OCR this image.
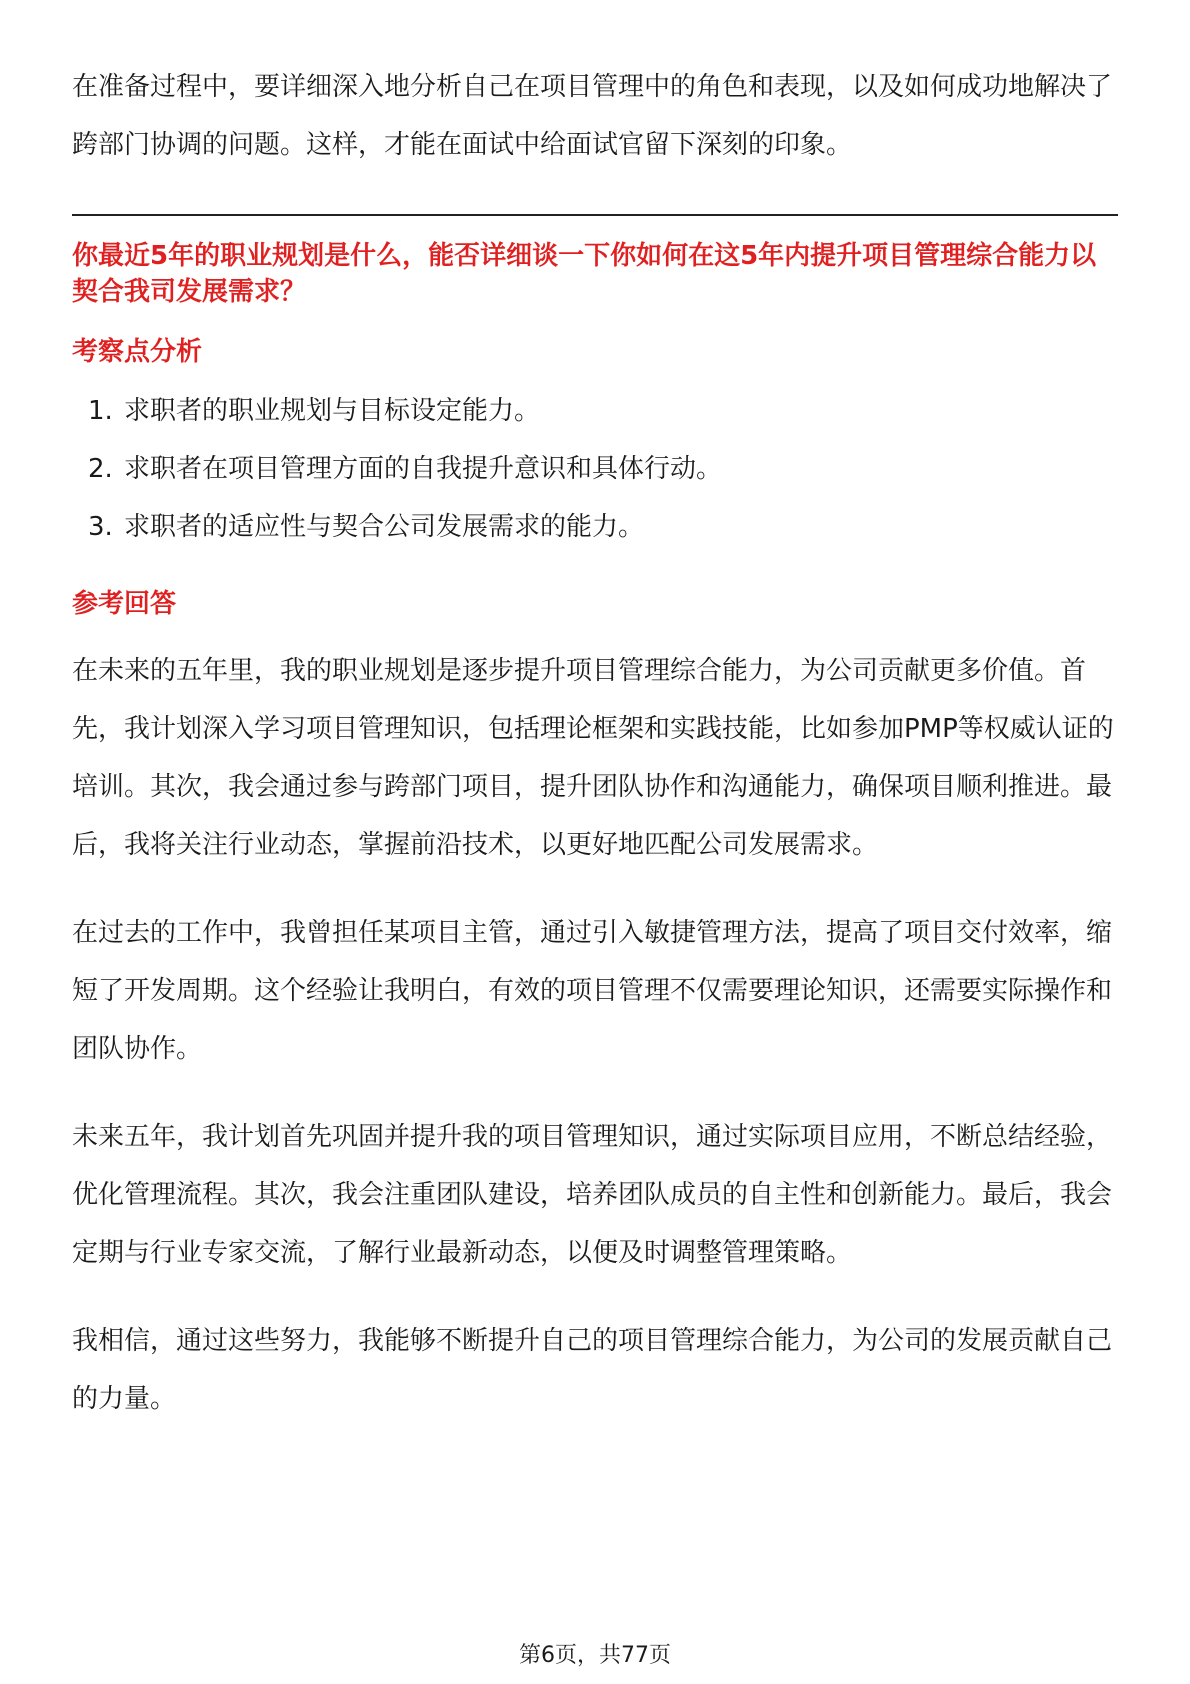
在准备过程中，要详细深入地分析自己在项目管理中的角色和表现，以及如何成功地解决了跨部门协调的问题。这样，才能在面试中给面试官留下深刻的印象。

你最近5年的职业规划是什么，能否详细谈一下你如何在这5年内提升项目管理综合能力以契合我司发展需求？

考察点分析
1. 求职者的职业规划与目标设定能力。
2. 求职者在项目管理方面的自我提升意识和具体行动。
3. 求职者的适应性与契合公司发展需求的能力。
参考回答

在未来的五年里，我的职业规划是逐步提升项目管理综合能力，为公司贡献更多价值。首先，我计划深入学习项目管理知识，包括理论框架和实践技能，比如参加PMP等权威认证的培训。其次，我会通过参与跨部门项目，提升团队协作和沟通能力，确保项目顺利推进。最后，我将关注行业动态，掌握前沿技术，以更好地匹配公司发展需求。

在过去的工作中，我曾担任某项目主管，通过引入敏捷管理方法，提高了项目交付效率，缩短了开发周期。这个经验让我明白，有效的项目管理不仅需要理论知识，还需要实际操作和团队协作。

未来五年，我计划首先巩固并提升我的项目管理知识，通过实际项目应用，不断总结经验，优化管理流程。其次，我会注重团队建设，培养团队成员的自主性和创新能力。最后，我会定期与行业专家交流，了解行业最新动态，以便及时调整管理策略。

我相信，通过这些努力，我能够不断提升自己的项目管理综合能力，为公司的发展贡献自己的力量。

第6页，共77页
